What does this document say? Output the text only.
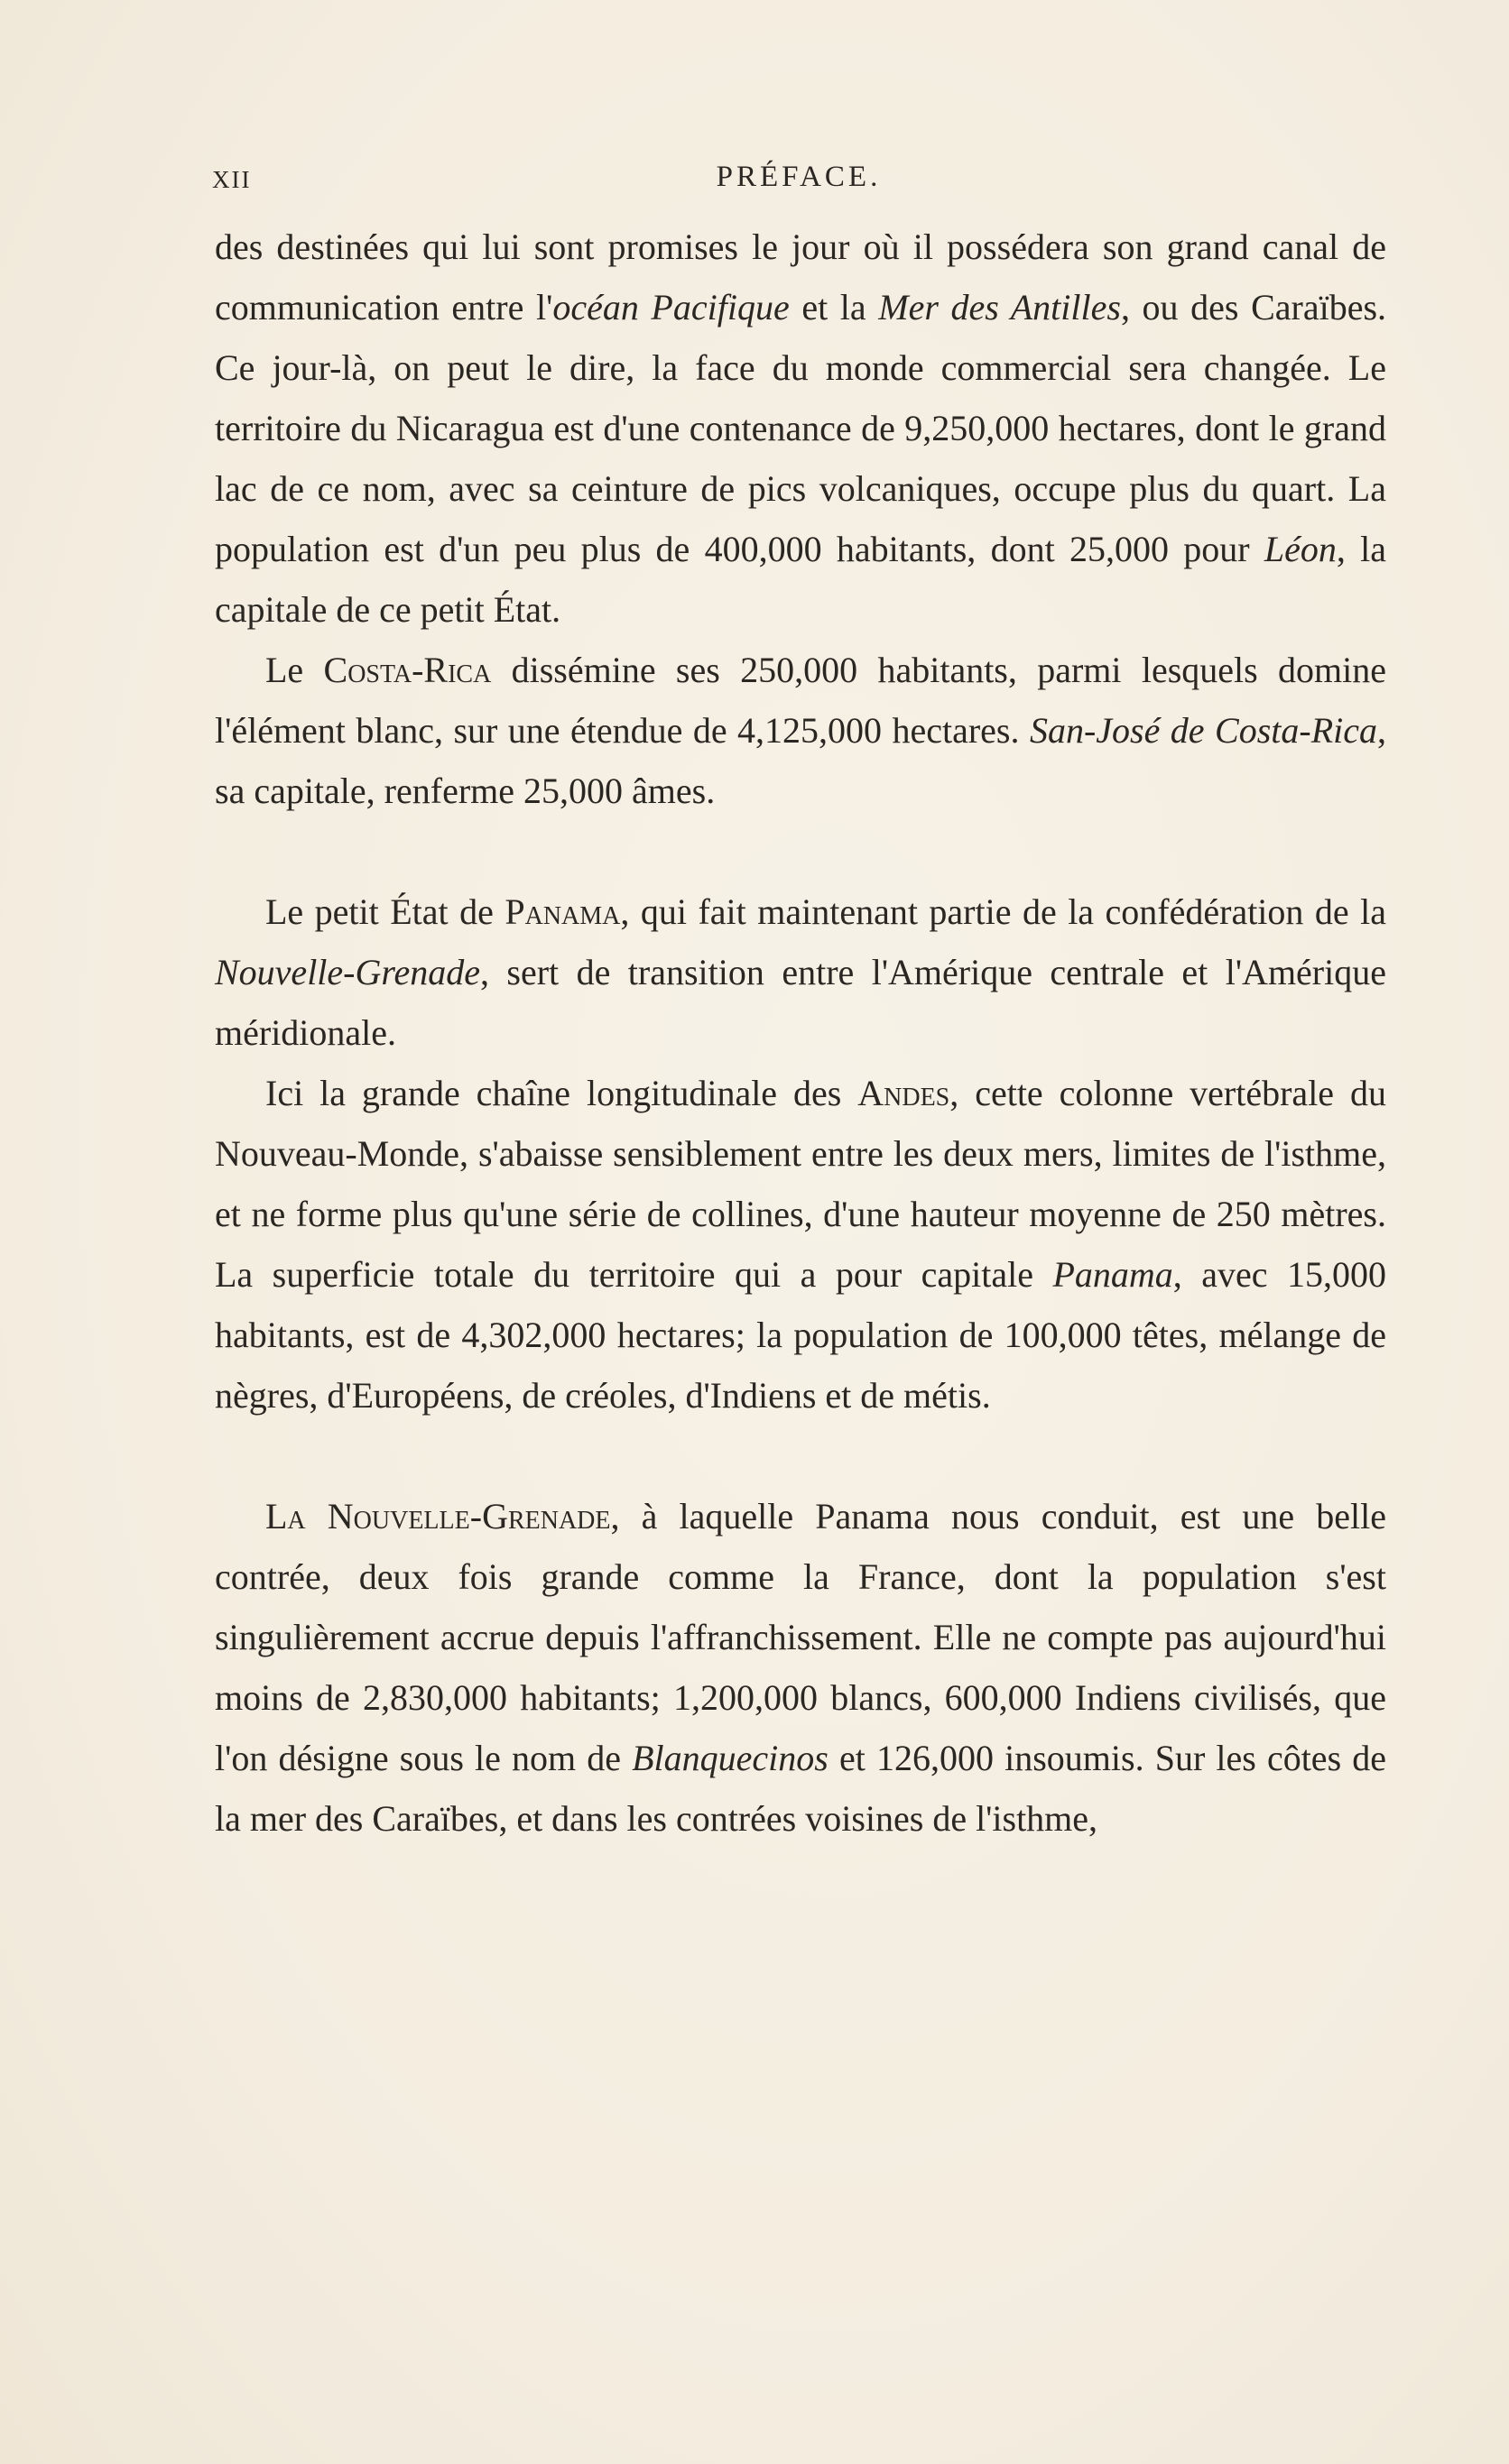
XII	PRÉFACE.

des destinées qui lui sont promises le jour où il possédera son grand canal de communication entre l'océan Pacifique et la Mer des Antilles, ou des Caraïbes. Ce jour-là, on peut le dire, la face du monde commercial sera changée. Le territoire du Nicaragua est d'une contenance de 9,250,000 hectares, dont le grand lac de ce nom, avec sa ceinture de pics volcaniques, occupe plus du quart. La population est d'un peu plus de 400,000 habitants, dont 25,000 pour Léon, la capitale de ce petit État.

Le Costa-Rica dissémine ses 250,000 habitants, parmi lesquels domine l'élément blanc, sur une étendue de 4,125,000 hectares. San-José de Costa-Rica, sa capitale, renferme 25,000 âmes.

Le petit État de Panama, qui fait maintenant partie de la confédération de la Nouvelle-Grenade, sert de transition entre l'Amérique centrale et l'Amérique méridionale.

Ici la grande chaîne longitudinale des Andes, cette colonne vertébrale du Nouveau-Monde, s'abaisse sensiblement entre les deux mers, limites de l'isthme, et ne forme plus qu'une série de collines, d'une hauteur moyenne de 250 mètres. La superficie totale du territoire qui a pour capitale Panama, avec 15,000 habitants, est de 4,302,000 hectares; la population de 100,000 têtes, mélange de nègres, d'Européens, de créoles, d'Indiens et de métis.

La Nouvelle-Grenade, à laquelle Panama nous conduit, est une belle contrée, deux fois grande comme la France, dont la population s'est singulièrement accrue depuis l'affranchissement. Elle ne compte pas aujourd'hui moins de 2,830,000 habitants; 1,200,000 blancs, 600,000 Indiens civilisés, que l'on désigne sous le nom de Blanquecinos et 126,000 insoumis. Sur les côtes de la mer des Caraïbes, et dans les contrées voisines de l'isthme,
